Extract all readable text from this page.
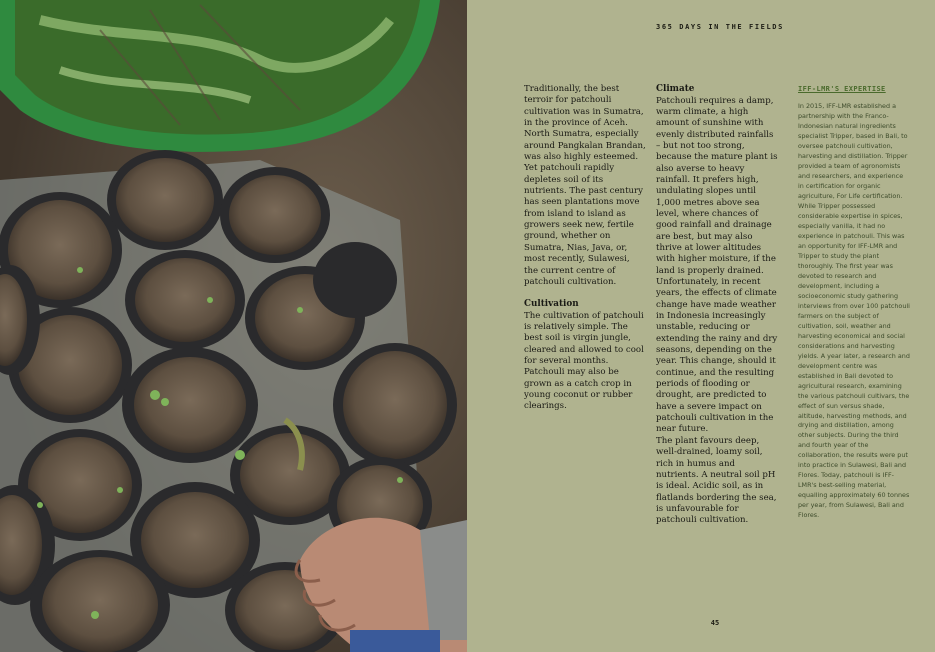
365 DAYS IN THE FIELDS

Traditionally, the best terroir for patchouli cultivation was in Sumatra, in the province of Aceh. North Sumatra, especially around Pangkalan Brandan, was also highly esteemed. Yet patchouli rapidly depletes soil of its nutrients. The past century has seen plantations move from island to island as growers seek new, fertile ground, whether on Sumatra, Nias, Java, or, most recently, Sulawesi, the current centre of patchouli cultivation.

Cultivation

The cultivation of patchouli is relatively simple. The best soil is virgin jungle, cleared and allowed to cool for several months. Patchouli may also be grown as a catch crop in young coconut or rubber clearings.

Climate

Patchouli requires a damp, warm climate, a high amount of sunshine with evenly distributed rainfalls – but not too strong, because the mature plant is also averse to heavy rainfall. It prefers high, undulating slopes until 1,000 metres above sea level, where chances of good rainfall and drainage are best, but may also thrive at lower altitudes with higher moisture, if the land is properly drained. Unfortunately, in recent years, the effects of climate change have made weather in Indonesia increasingly unstable, reducing or extending the rainy and dry seasons, depending on the year. This change, should it continue, and the resulting periods of flooding or drought, are predicted to have a severe impact on patchouli cultivation in the near future.

The plant favours deep, well-drained, loamy soil, rich in humus and nutrients. A neutral soil pH is ideal. Acidic soil, as in flatlands bordering the sea, is unfavourable for patchouli cultivation.

IFF-LMR'S EXPERTISE

In 2015, IFF-LMR established a partnership with the Franco-Indonesian natural ingredients specialist Tripper, based in Bali, to oversee patchouli cultivation, harvesting and distillation. Tripper provided a team of agronomists and researchers, and experience in certification for organic agriculture, For Life certification.

While Tripper possessed considerable expertise in spices, especially vanilla, it had no experience in patchouli. This was an opportunity for IFF-LMR and Tripper to study the plant thoroughly. The first year was devoted to research and development, including a socioeconomic study gathering interviews from over 100 patchouli farmers on the subject of cultivation, soil, weather and harvesting economical and social considerations and harvesting yields. A year later, a research and development centre was established in Bali devoted to agricultural research, examining the various patchouli cultivars, the effect of sun versus shade, altitude, harvesting methods, and drying and distillation, among other subjects. During the third and fourth year of the collaboration, the results were put into practice in Sulawesi, Bali and Flores. Today, patchouli is IFF-LMR's best-selling material, equalling approximately 60 tonnes per year, from Sulawesi, Bali and Flores.

45
